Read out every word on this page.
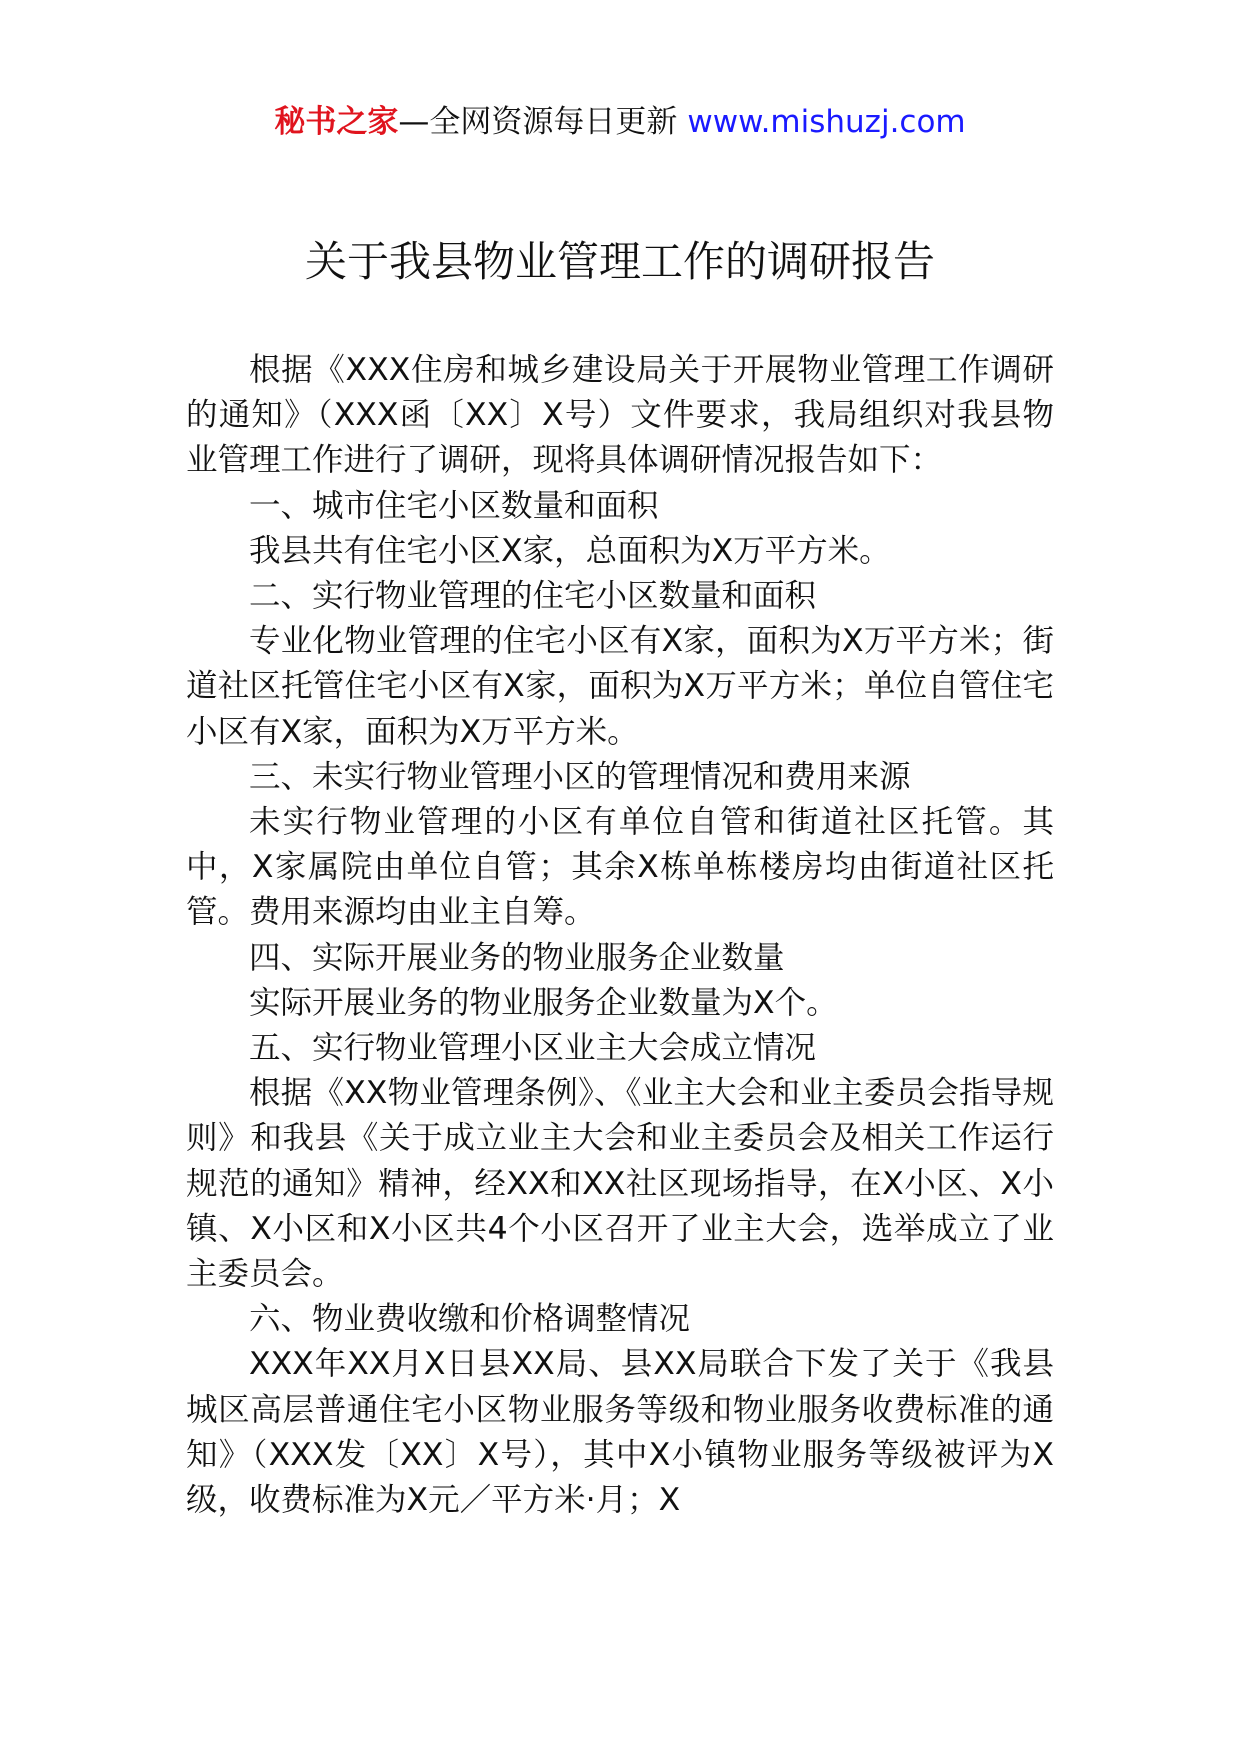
秘书之家—全网资源每日更新 www.mishuzj.com
关于我县物业管理工作的调研报告

根据《XXX住房和城乡建设局关于开展物业管理工作调研的通知》（XXX函〔XX〕X号）文件要求，我局组织对我县物业管理工作进行了调研，现将具体调研情况报告如下：

一、城市住宅小区数量和面积

我县共有住宅小区X家，总面积为X万平方米。

二、实行物业管理的住宅小区数量和面积

专业化物业管理的住宅小区有X家，面积为X万平方米；街道社区托管住宅小区有X家，面积为X万平方米；单位自管住宅小区有X家，面积为X万平方米。

三、未实行物业管理小区的管理情况和费用来源

未实行物业管理的小区有单位自管和街道社区托管。其中，X家属院由单位自管；其余X栋单栋楼房均由街道社区托管。费用来源均由业主自筹。

四、实际开展业务的物业服务企业数量

实际开展业务的物业服务企业数量为X个。

五、实行物业管理小区业主大会成立情况

根据《XX物业管理条例》、《业主大会和业主委员会指导规则》和我县《关于成立业主大会和业主委员会及相关工作运行规范的通知》精神，经XX和XX社区现场指导，在X小区、X小镇、X小区和X小区共4个小区召开了业主大会，选举成立了业主委员会。

六、物业费收缴和价格调整情况

XXX年XX月X日县XX局、县XX局联合下发了关于《我县城区高层普通住宅小区物业服务等级和物业服务收费标准的通知》（XXX发〔XX〕X号），其中X小镇物业服务等级被评为X级，收费标准为X元／平方米·月；X
